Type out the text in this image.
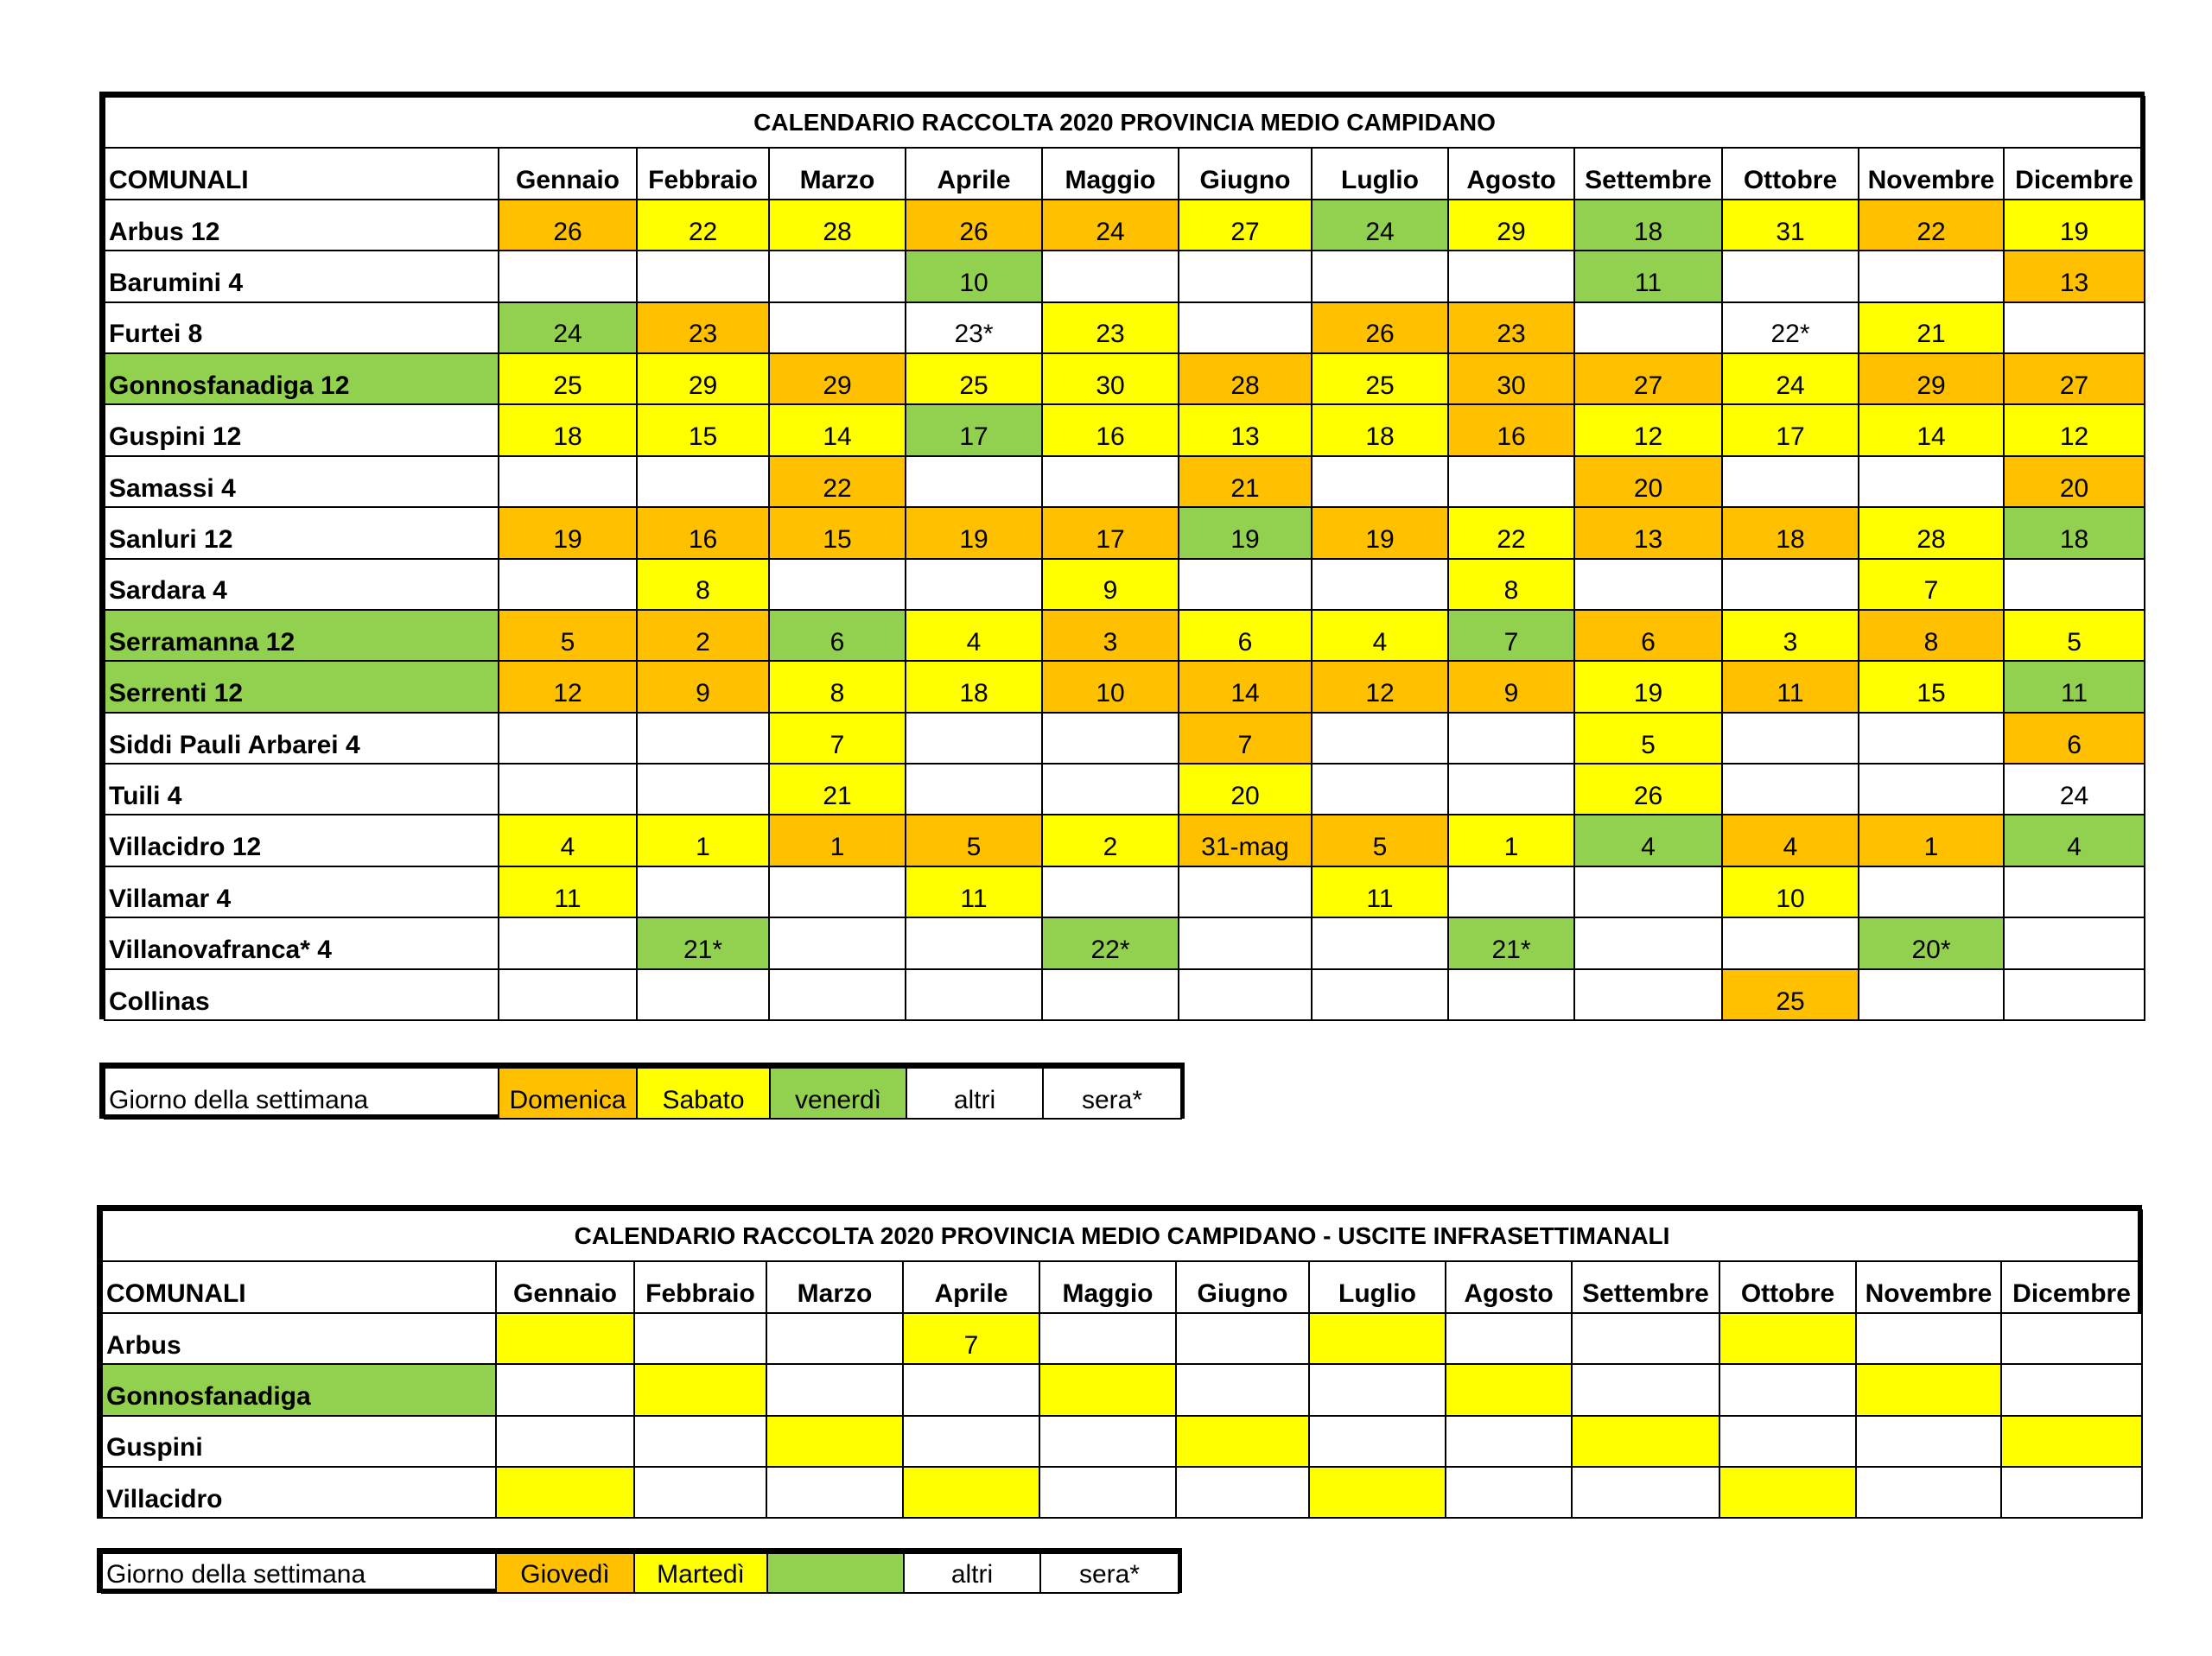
CALENDARIO RACCOLTA 2020 PROVINCIA MEDIO CAMPIDANO												
COMUNALI	Gennaio	Febbraio	Marzo	Aprile	Maggio	Giugno	Luglio	Agosto	Settembre	Ottobre	Novembre	Dicembre
Arbus 12	26	22	28	26	24	27	24	29	18	31	22	19
Barumini 4				10					11			13
Furtei 8	24	23		23*	23		26	23		22*	21	
Gonnosfanadiga 12	25	29	29	25	30	28	25	30	27	24	29	27
Guspini 12	18	15	14	17	16	13	18	16	12	17	14	12
Samassi 4			22			21			20			20
Sanluri 12	19	16	15	19	17	19	19	22	13	18	28	18
Sardara 4		8			9			8			7	
Serramanna 12	5	2	6	4	3	6	4	7	6	3	8	5
Serrenti 12	12	9	8	18	10	14	12	9	19	11	15	11
Siddi Pauli Arbarei 4			7			7			5			6
Tuili 4			21			20			26			24
Villacidro 12	4	1	1	5	2	31-mag	5	1	4	4	1	4
Villamar 4	11			11			11			10		
Villanovafranca* 4		21*			22*			21*			20*	
Collinas										25		
Giorno della settimana	Domenica	Sabato	venerdì	altri	sera*
CALENDARIO RACCOLTA 2020 PROVINCIA MEDIO CAMPIDANO - USCITE INFRASETTIMANALI												
COMUNALI	Gennaio	Febbraio	Marzo	Aprile	Maggio	Giugno	Luglio	Agosto	Settembre	Ottobre	Novembre	Dicembre
Arbus				7								
Gonnosfanadiga												
Guspini												
Villacidro												
Giorno della settimana	Giovedì	Martedì		altri	sera*
